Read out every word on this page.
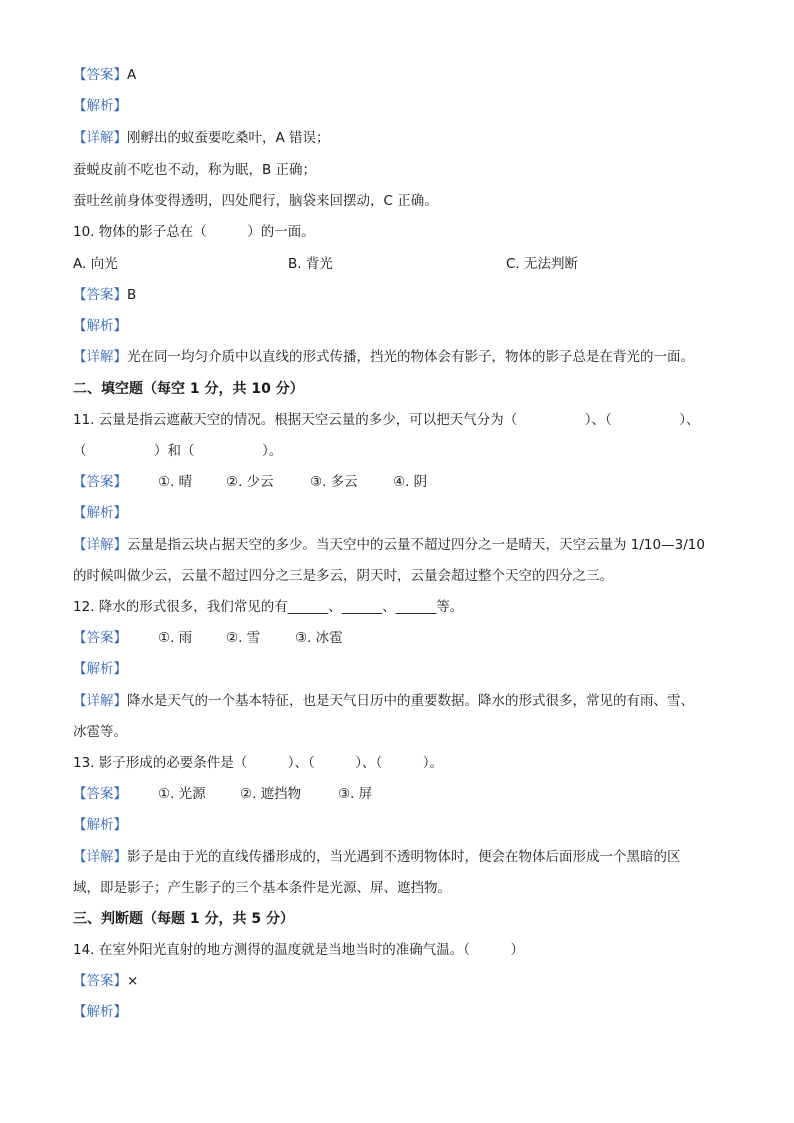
【答案】A
【解析】
【详解】刚孵出的蚁蚕要吃桑叶，A 错误；
蚕蜕皮前不吃也不动，称为眠，B 正确；
蚕吐丝前身体变得透明，四处爬行，脑袋来回摆动，C 正确。
10. 物体的影子总在（　　　）的一面。
A. 向光	B. 背光	C. 无法判断
【答案】B
【解析】
【详解】光在同一均匀介质中以直线的形式传播，挡光的物体会有影子，物体的影子总是在背光的一面。
二、填空题（每空 1 分，共 10 分）
11. 云量是指云遮蔽天空的情况。根据天空云量的多少，可以把天气分为（　　　　　）、（　　　　　）、
（　　　　　）和（　　　　　）。
【答案】 ①. 晴	②. 少云	③. 多云	④. 阴
【解析】
【详解】云量是指云块占据天空的多少。当天空中的云量不超过四分之一是晴天，天空云量为 1/10—3/10
的时候叫做少云，云量不超过四分之三是多云，阴天时，云量会超过整个天空的四分之三。
12. 降水的形式很多，我们常见的有______、______、______等。
【答案】 ①. 雨	②. 雪	③. 冰雹
【解析】
【详解】降水是天气的一个基本特征，也是天气日历中的重要数据。降水的形式很多，常见的有雨、雪、
冰雹等。
13. 影子形成的必要条件是（　　　）、（　　　）、（　　　）。
【答案】 ①. 光源	②. 遮挡物	③. 屏
【解析】
【详解】影子是由于光的直线传播形成的，当光遇到不透明物体时，便会在物体后面形成一个黑暗的区
域，即是影子；产生影子的三个基本条件是光源、屏、遮挡物。
三、判断题（每题 1 分，共 5 分）
14. 在室外阳光直射的地方测得的温度就是当地当时的准确气温。（　　　）
【答案】×
【解析】
